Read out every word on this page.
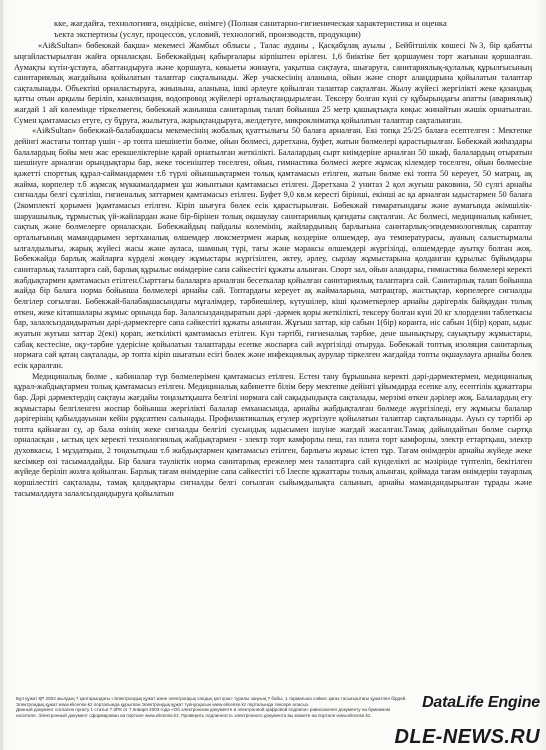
кке, жағдайға, технологияға, өндіріске, өнімге) (Полная санитарно-гигиеническая характеристика и оценка
ъекта экспертизы (услуг, процессов, условий, технологий, производств, продукции)

«Ai&Sultan» бөбекжай бақша» мекемесі Жамбыл облысы , Талас ауданы , Қасқабұлақ ауылы , Бейбітшілік көшесі №3, бір қабатты ыңғайластырылған жайға орналасқан. Бөбекжайдың қабырғалары кірпіштен өрілген. 1,6 биіктіке бет қоршаумен торт жағынан қоршалған. Аумақты күтін-ұстауға, абаттандыруға және қоршауға, көкыеты жинауға, уақытша сақтауға, шығаруға, санитариялық-қулалық құрылғысының санитариялық жағдайына қойылатын талаптар сақталынады. Жер учаскесінің аланына, ойын және спорт алаңдарына қойылатын талаптар сақталынады. Объектіні орналастыруға, жиынына, аланына, ішкі әрлеуге қойылған талаптар сақталған. Жылу жүйесі жергілікті жеке қазандық қатты отын арқылы беріліп, канализация, водопровод жүйелері орталықтандырылған. Тексеру болған күні су құбырындағы апатты (авариялық) жағдай 1 ай көлемінде тіркелмеген, бөбекжай жанынша санитарлық талап бойынша 25 метр қашықтықта көқыс жинайтын жәшік орнатылған. Сумен қамтамасыз етуге, су бұруға, жылытуға, жарықтандыруға, желдетуге, микроклиматқа қойылатын талаптар сақталынған.

«Ai&Sultan» бөбекжай-балабақшасы мекемесінің жобалық қуаттылығы 50 балаға арналған. Екі топқа 25/25 балаға есептелген : Мектепке дейінгі жастағы топтар үшін - әр топта шешінетін бөлме, ойын бөлмесі, дәретхана, буфет, жатын бөлмелері қарастырылған. Бөбекжай жиһаздары балалардың бойы мен жас ерекшеліктеріне қарай орнатылған жеткілікті. Балалардың сырт киімдеріне арналған 50 шкаф, балалардың отыратын шешінуге арналған орындықтары бар, жеке төсеніштер төселген, ойын, гимнастика бөлмесі жерге жұмсақ кілемдер төселген, ойын бөлмесіне қажетті спорттық құрал-саймандармен т.б түрлі ойыншықтармен толық қамтамасыз етілген, жатын бөлме екі топта 50 кереует, 50 матрац, ақ жайма, көрпелер т.б жұмсақ мүккамалдармен ұш жиынтыки қамтамасыз етілген. Дәретхана 2 унитаз 2 қол жуғыш раковина, 50 сүлгі арнайы сигналды белгі сұлғіліш, гигиеналық заттармен қамтамасыз етілген. Буфет 9,0 кв.м кересті бірінші, екінші ас қа арналған ыдыстармен 50 балаға (2комплекті қорымен )қамтамасыз етілген. Кіріп шығуға бөлек есік қарастырылған. Бөбекжай ғимаратындағы және аумағында әкімшілік-шаруашылық, тұрмыстық үй-жайлардан және бір-бірінен толық оқшаулау санитариялық қағидаты сақталған. Ас бөлмесі, медициналық кабинет, сақтық және бөлмелерге орналасқан. Бөбекжайдың пайдалы көлемінің, жайлардының барлығына санитарлық-эпидемиологиялық сараптау орталығының мамандарымен зертханалық өлшемдер люксметрмен жарық көздеріне өлшемдер, ауа температурасы, ауаның салыстырмалы ылғалдылығы, жарық жүйесі жасы және ауласа, шамның түрі, тағы және мәраксы өлшемдері жүргізілді, өлшемдерде ауытқу болған жоқ. Бөбекжайда барлық жайларға күрделі жөндеу жұмыстары жүргізілген, әктеу, әрлеу, сырлау жұмыстарына қолданған құрылыс бұйымдары санитарлық талаптарға сай, барлық құрылыс өнімдеріне сапа сәйкестігі құжаты алынған. Спорт зал, ойын аландары, гимнастика бөлмелері керекті жабдықтармен қамтамасыз етілген.Сырттағы балаларға арналған бесеткалар қойылған санитариялық талаптарға сай. Санитарлық талап бойынша жайда бір балаға норма бойынша бөлмелері арнайы сай. Топтардағы кереует ақ жаймаларына, матрацтар, жастықтар, көрпелерге сигналды белгілер соғылған. Бөбекжай-балабақшасындағы мұғалімдер, тәрбиешілер, күтушілер, кіші қызметкерлер арнайы дәрігерлік байқаудан толық өткен, жеке кітапшалары жұмыс орнында бар. Залалсыздандыратын дәрі -дәрмек қоры жеткілікті, тексеру болған күні 20 кг хлордезин таблеткасы бар, залалсыздандыратын дәрі-дәрмектерге сапа сәйкестігі құжаты алынған. Жұғыш заттар, кір сабын 1(бір) коранта, иіс сабын 1(бір) қорап, ыдыс жуатын жуғыш заттар 2(екі) қорап, жеткілікті қамтамасыз етілген. Күн тәртібі, гигиеналық тәрбие, дене шынықтыру, сауықтыру жұмыстары, сабақ кестесіне, оқу-тәрбие үдерісіне қойылатын талаптарды есепке жоспарға сай жүргізілді отыруда. Бөбекжай топтық изоляция санитарлық нормаға сай қатаң сақталады, әр топта кіріп шығатын есігі бөлек және инфекциялық аурулар тіркелген жағдайда топты оқшаулауға арнайы бөлек есік қаралған.

Медициналық бөлме , кабиналар түр бөлмелерімен қамтамасыз етілген. Естен тану бұрышына керекті дәрі-дәрмектермен, медициналық құрал-жабдықтармен толық қамтамасыз етілген. Медициналық кабинетте білім беру мектепке дейінгі ұйымдарда есепке алу, есептілік құжаттары бар. Дәрі дәрмектердің сақтауы жағдайы тоңазытқышта белгілі нормаға сай сақыдындықта сақталады, мерзімі өткен дәрілер жоқ. Балалардың егу жұмыстары белгіленген жоспар бойынша жергілікті балалар емханасында, арнайы жабдықталған бөлмеде жүргізіледі, егу жұмысы балалар дәрігерінің қабылдауынан кейін рұқсатпен салынады. Профилактикалық егулер жүргізуге қойылатын талаптар сақталынады. Ауыз су тәртібі әр топта қайнаған су, әр бала өзінің жеке сигналды белгілі сусындық ыдысымен ішуіне жағдай жасалған.Тамақ дайындайтын бөлме сыртқа орналасқан , ыстық цех керекті технологиялық жабдықтармен - электр торт камфорлы пеш, газ плита торт камфорлы, электр еттартқыш, электр духовкасы, 1 мұздатқыш, 2 тоңазытқыш т.б жабдықтармен қамтамасыз етілген, барлығы жұмыс істеп тұр. Тағам өнімдерін арнайы жүйеде жеке кесімкер өзі тасымалдайды. Бір балаға тәуліктік норма санитарлық ережелер мен талаптарға сай күнделікті ас мәзірінде түптеліп, бекітілген жүйеде беріліп жолға қойылған. Барлық тағам өнімдеріне сапа сәйкестігі т.б Ілеспе құжаттары толық алынған, қоймада тағам өнімдерін тауарлық көршілестігі сақталады, тамақ қалдықтары сигналды белгі соғылған сыйымдылықта салынып, арнайы мамандандырылған тұрады және тасымалдауға залалсыздандыруға қойылатын

Бұл құжат ҚР 2003 жылдың 7 қантарындағы «Электрондық құжат және электрондық сандық қол қою» туралы заңның 7 бабы, 1 тармағына сәйкес қағаз тасығыштағы құжатпен бірдей.
Электрондық құжат www.elicense.kz порталында құрылған.Электрондық құжат түпнұсқасын www.elicense.kz порталында тексере аласыз.
Данный документ согласно пункту 1 статьи 7 ЗРК от 7 января 2003 года «Об электронном документе и электронной цифровой подписи» равнозначен документу на бумажном
носителе. Электронный документ сформирован на портале www.elicense.kz. Проверить подлинность электронного документа вы можете на портале www.elicense.kz.
DataLife Engine
DLE-NEWS.RU
